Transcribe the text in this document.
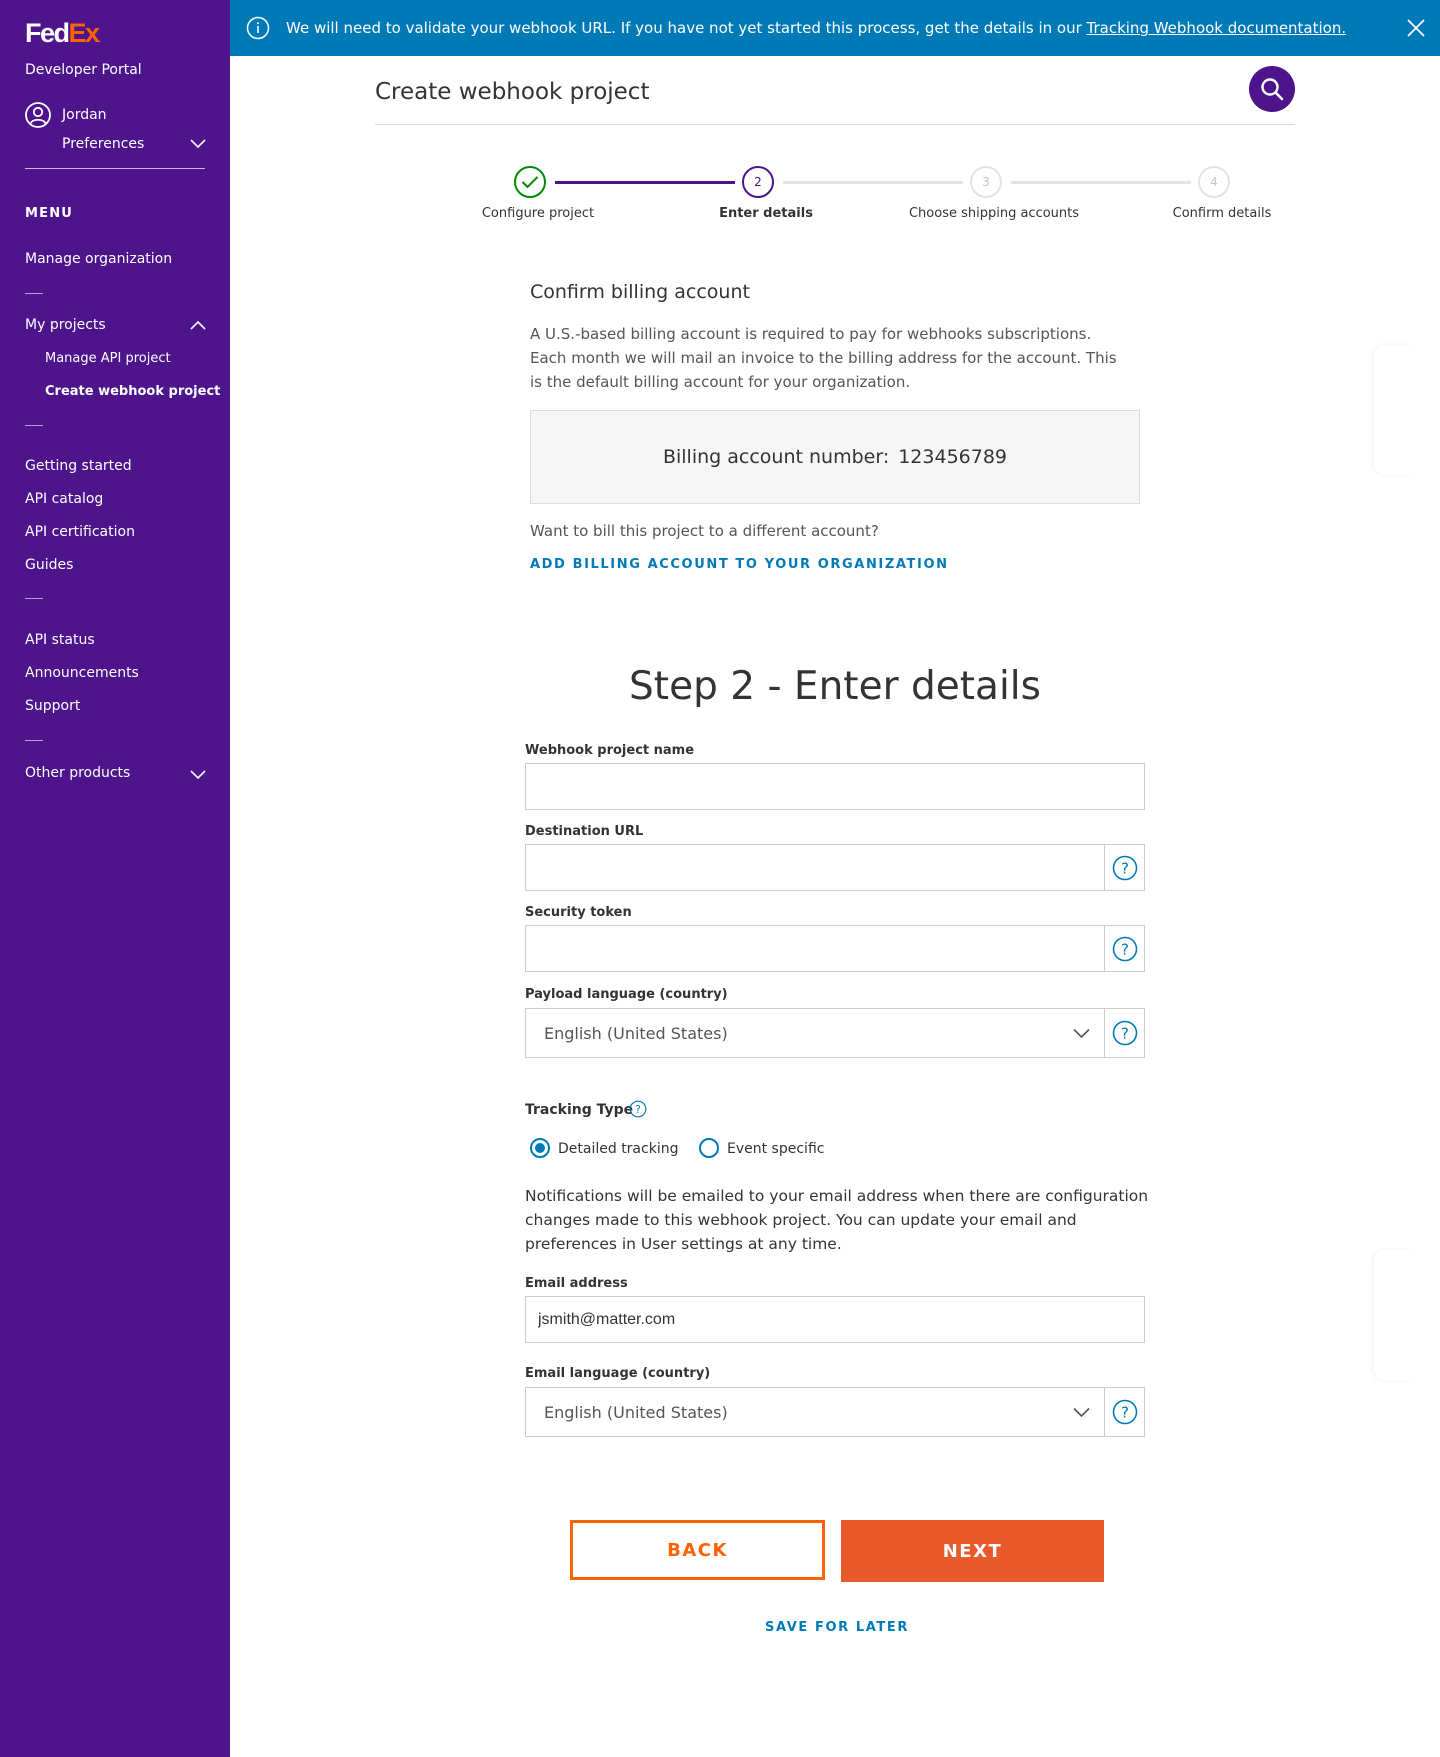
FedEx.
Developer Portal
Jordan
Preferences
MENU
Manage organization
My projects
Manage API project
Create webhook project
Getting started
API catalog
API certification
Guides
API status
Announcements
Support
Other products
We will need to validate your webhook URL. If you have not yet started this process, get the details in our Tracking Webhook documentation.
Create webhook project
2	3	4
Configure project	Enter details	Choose shipping accounts	Confirm details
Confirm billing account
A U.S.-based billing account is required to pay for webhooks subscriptions. Each month we will mail an invoice to the billing address for the account. This is the default billing account for your organization.
Billing account number: 123456789
Want to bill this project to a different account?
ADD BILLING ACCOUNT TO YOUR ORGANIZATION
Step 2 - Enter details
Webhook project name
Destination URL
?
Security token
?
Payload language (country)
English (United States)	?
Tracking Type ?
Detailed tracking	Event specific
Notifications will be emailed to your email address when there are configuration changes made to this webhook project. You can update your email and preferences in User settings at any time.
Email address
jsmith@matter.com
Email language (country)
English (United States)	?
BACK	NEXT
SAVE FOR LATER
